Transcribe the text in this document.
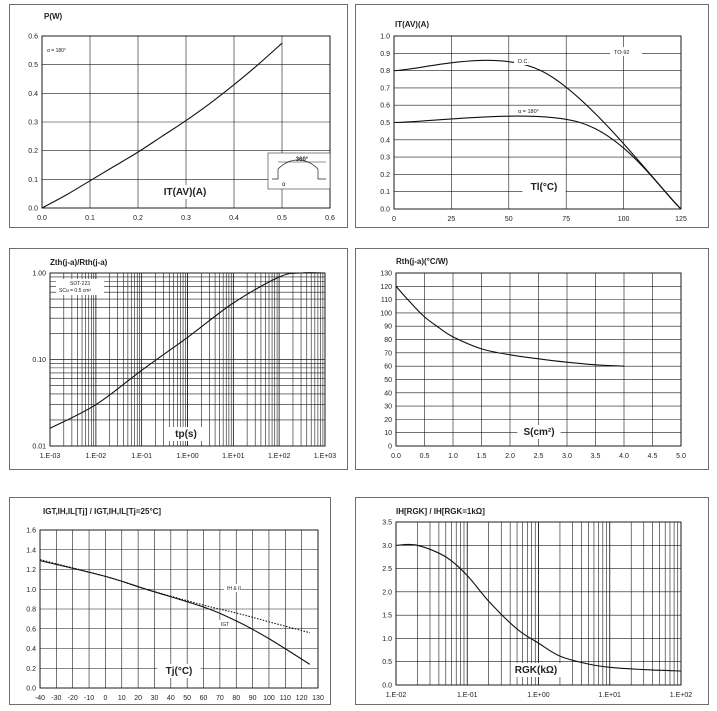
0.0	0.1	0.2	0.3	0.4	0.5	0.6
0.0
0.1
0.2
0.3
0.4
0.5
0.6
P(W)
α = 180°
360°
α
IT(AV)(A)
0	25	50	75	100	125
0.0
0.1
0.2
0.3
0.4
0.5
0.6
0.7
0.8
0.9
1.0
IT(AV)(A)
TO-92
D.C.
α = 180°
Tl(°C)
1.E-03	1.E-02	1.E-01	1.E+00	1.E+01	1.E+02	1.E+03
0.01
0.10
1.00
Zth(j-a)/Rth(j-a)
SOT-223
SCu = 0.5 cm²
tp(s)
0.0	0.5	1.0	1.5	2.0	2.5	3.0	3.5	4.0	4.5	5.0
0
10
20
30
40
50
60
70
80
90
100
110
120
130
Rth(j-a)(°C/W)
S(cm²)
-40 -30 -20 -10 0 10 20 30 40 50 60 70 80 90 100 110 120 130
0.0
0.2
0.4
0.6
0.8
1.0
1.2
1.4
1.6
IGT,IH,IL[Tj] / IGT,IH,IL[Tj=25°C]
IH & IL
IGT
Tj(°C)
1.E-02	1.E-01	1.E+00	1.E+01	1.E+02
0.0
0.5
1.0
1.5
2.0
2.5
3.0
3.5
IH[RGK] / IH[RGK=1kΩ]
RGK(kΩ)
